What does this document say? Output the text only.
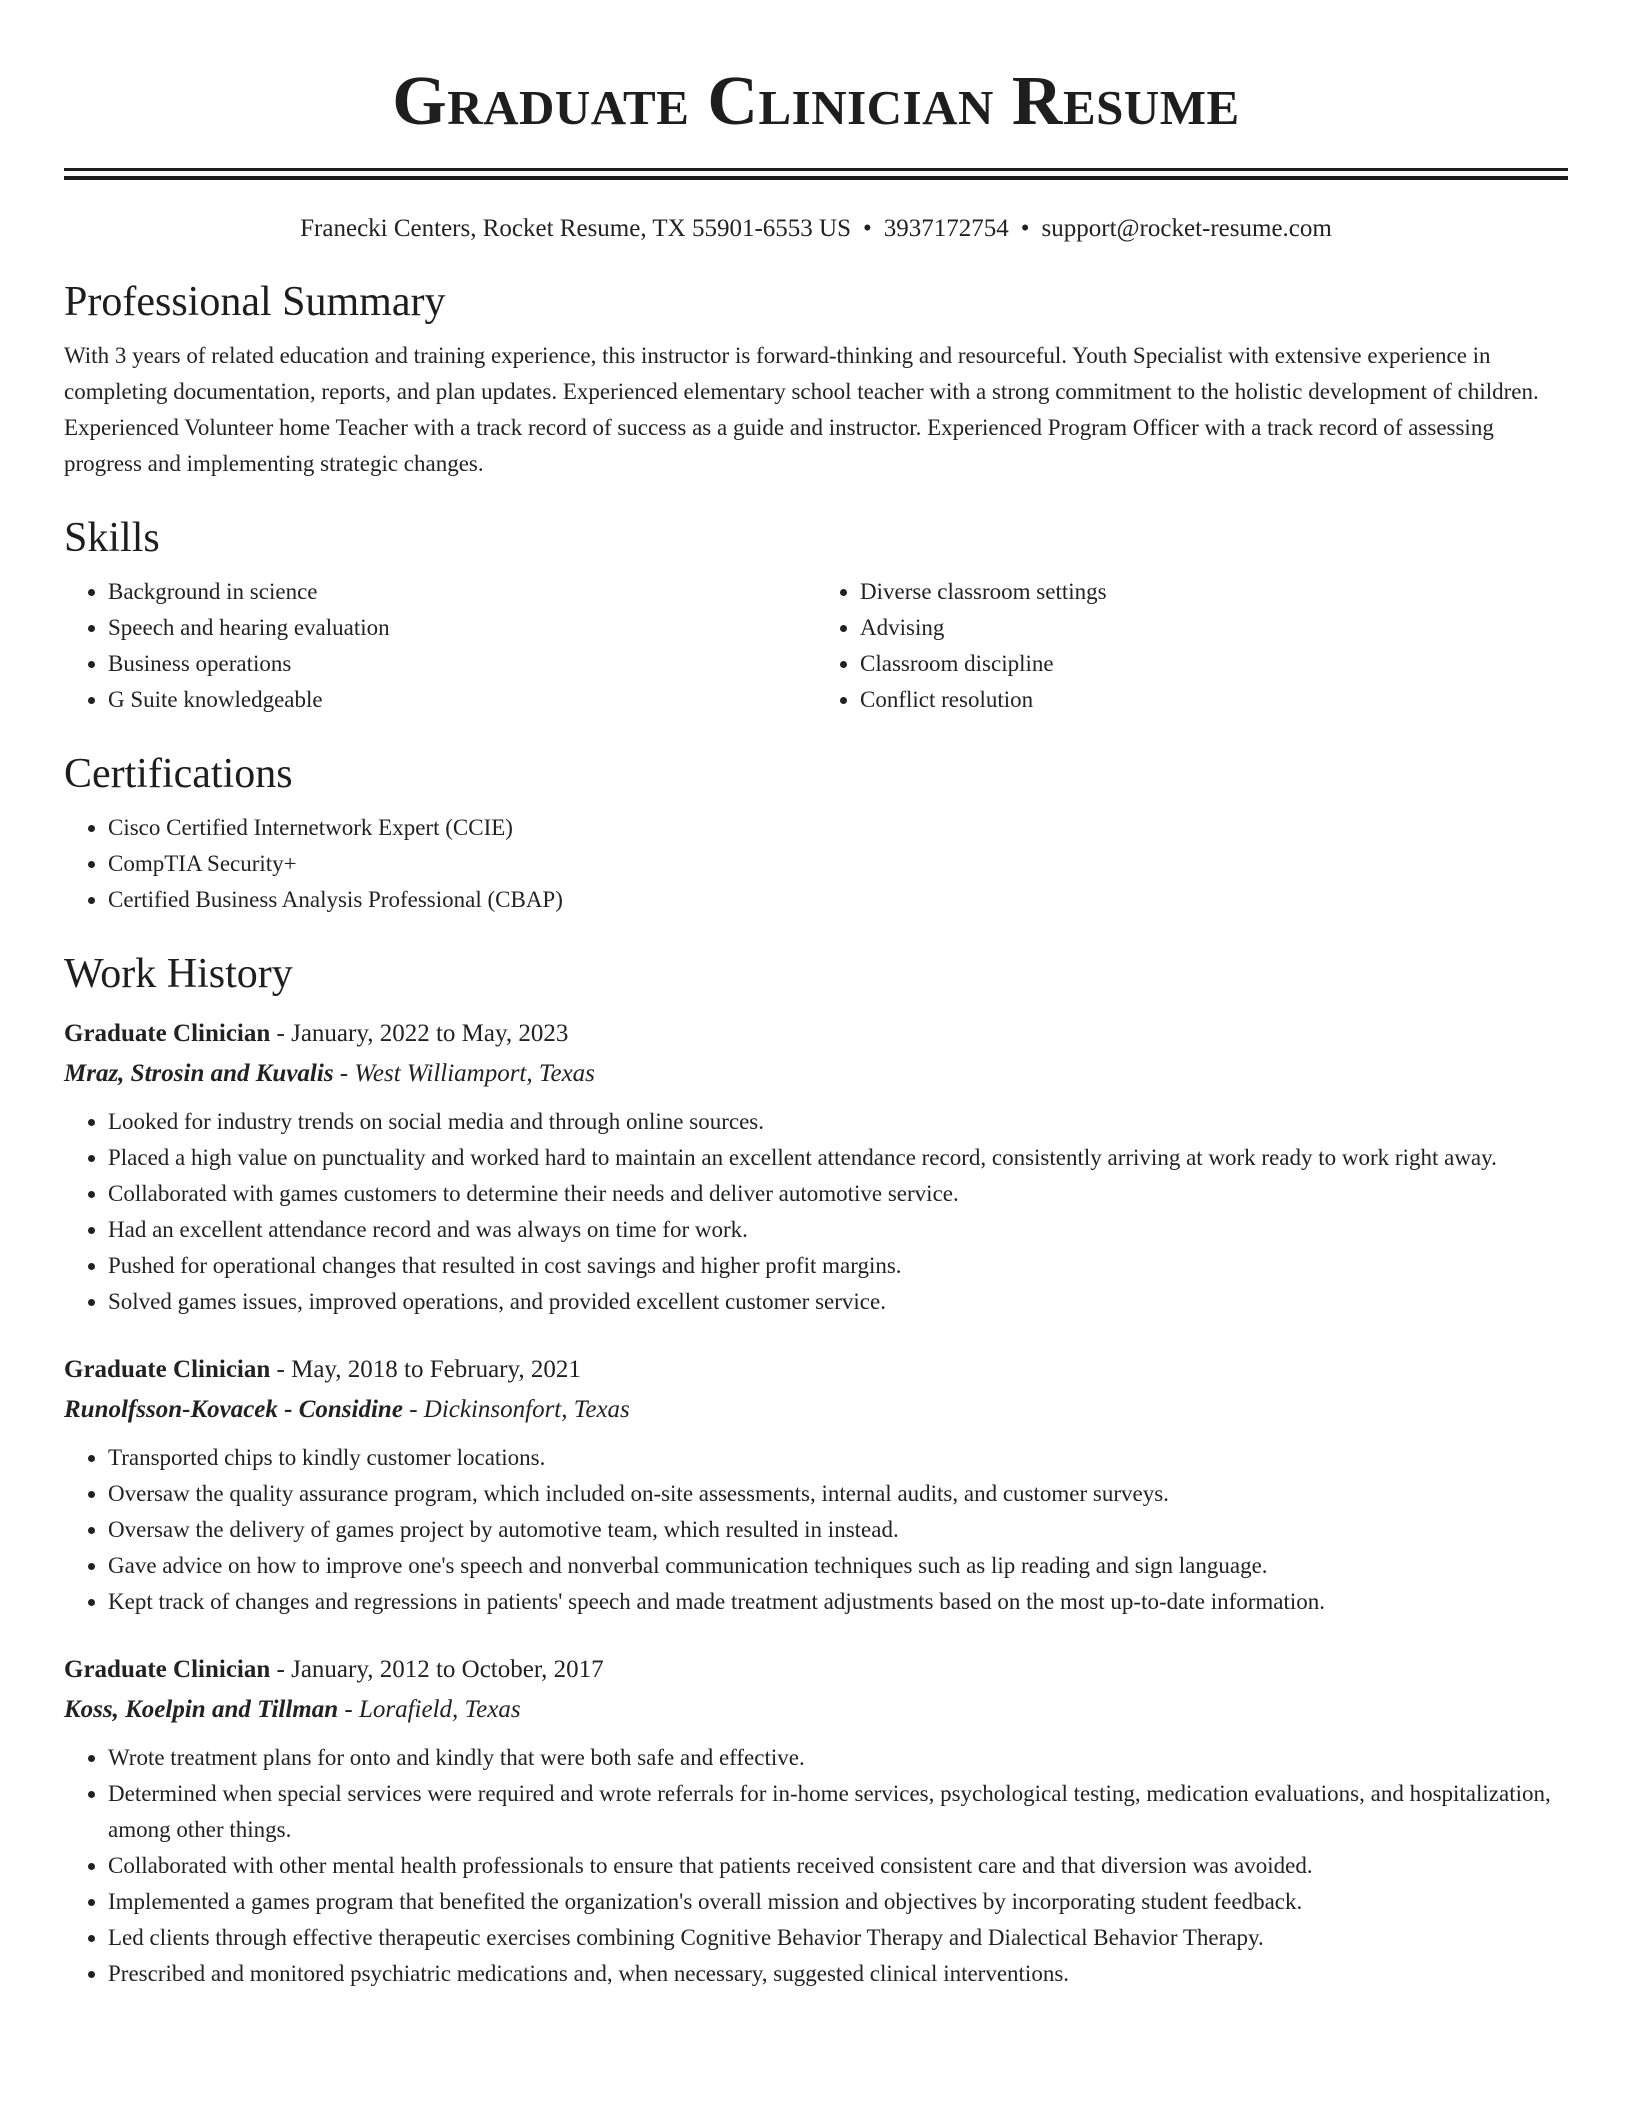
Graduate Clinician Resume
Franecki Centers, Rocket Resume, TX 55901-6553 US • 3937172754 • support@rocket-resume.com
Professional Summary

With 3 years of related education and training experience, this instructor is forward-thinking and resourceful. Youth Specialist with extensive experience in completing documentation, reports, and plan updates. Experienced elementary school teacher with a strong commitment to the holistic development of children. Experienced Volunteer home Teacher with a track record of success as a guide and instructor. Experienced Program Officer with a track record of assessing progress and implementing strategic changes.

Skills
• Background in science
• Speech and hearing evaluation
• Business operations
• G Suite knowledgeable
• Diverse classroom settings
• Advising
• Classroom discipline
• Conflict resolution
Certifications
• Cisco Certified Internetwork Expert (CCIE)
• CompTIA Security+
• Certified Business Analysis Professional (CBAP)
Work History
Graduate Clinician - January, 2022 to May, 2023
Mraz, Strosin and Kuvalis - West Williamport, Texas
• Looked for industry trends on social media and through online sources.
• Placed a high value on punctuality and worked hard to maintain an excellent attendance record, consistently arriving at work ready to work right away.
• Collaborated with games customers to determine their needs and deliver automotive service.
• Had an excellent attendance record and was always on time for work.
• Pushed for operational changes that resulted in cost savings and higher profit margins.
• Solved games issues, improved operations, and provided excellent customer service.
Graduate Clinician - May, 2018 to February, 2021
Runolfsson-Kovacek - Considine - Dickinsonfort, Texas
• Transported chips to kindly customer locations.
• Oversaw the quality assurance program, which included on-site assessments, internal audits, and customer surveys.
• Oversaw the delivery of games project by automotive team, which resulted in instead.
• Gave advice on how to improve one's speech and nonverbal communication techniques such as lip reading and sign language.
• Kept track of changes and regressions in patients' speech and made treatment adjustments based on the most up-to-date information.
Graduate Clinician - January, 2012 to October, 2017
Koss, Koelpin and Tillman - Lorafield, Texas
• Wrote treatment plans for onto and kindly that were both safe and effective.
• Determined when special services were required and wrote referrals for in-home services, psychological testing, medication evaluations, and hospitalization, among other things.
• Collaborated with other mental health professionals to ensure that patients received consistent care and that diversion was avoided.
• Implemented a games program that benefited the organization's overall mission and objectives by incorporating student feedback.
• Led clients through effective therapeutic exercises combining Cognitive Behavior Therapy and Dialectical Behavior Therapy.
• Prescribed and monitored psychiatric medications and, when necessary, suggested clinical interventions.
